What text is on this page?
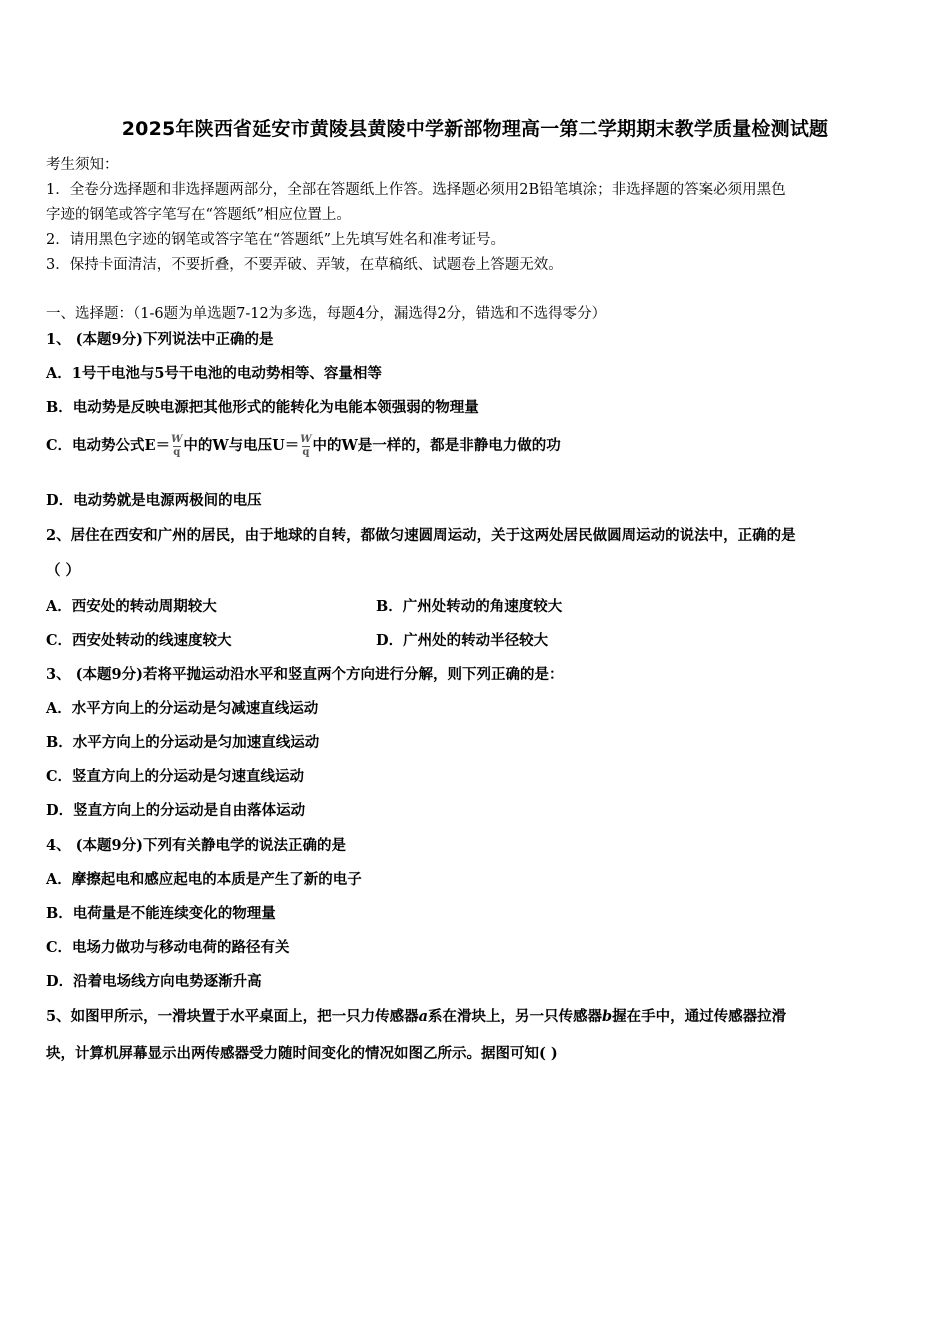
2025年陕西省延安市黄陵县黄陵中学新部物理高一第二学期期末教学质量检测试题
考生须知：
1．全卷分选择题和非选择题两部分，全部在答题纸上作答。选择题必须用2B铅笔填涂；非选择题的答案必须用黑色
字迹的钢笔或答字笔写在“答题纸”相应位置上。
2．请用黑色字迹的钢笔或答字笔在“答题纸”上先填写姓名和准考证号。
3．保持卡面清洁，不要折叠，不要弄破、弄皱，在草稿纸、试题卷上答题无效。
一、选择题：（1-6题为单选题7-12为多选，每题4分，漏选得2分，错选和不选得零分）
1、 (本题9分)下列说法中正确的是
A．1号干电池与5号干电池的电动势相等、容量相等
B．电动势是反映电源把其他形式的能转化为电能本领强弱的物理量
C．电动势公式$E= \frac{W}{q}$ 中的W与电压$U= \frac{W}{q}$ 中的W是一样的，都是非静电力做的功
D．电动势就是电源两极间的电压
2、居住在西安和广州的居民，由于地球的自转，都做匀速圆周运动，关于这两处居民做圆周运动的说法中，正确的是
（ ）
A．西安处的转动周期较大	B．广州处转动的角速度较大
C．西安处转动的线速度较大	D．广州处的转动半径较大
3、 (本题9分)若将平抛运动沿水平和竖直两个方向进行分解，则下列正确的是：
A．水平方向上的分运动是匀减速直线运动
B．水平方向上的分运动是匀加速直线运动
C．竖直方向上的分运动是匀速直线运动
D．竖直方向上的分运动是自由落体运动
4、 (本题9分)下列有关静电学的说法正确的是
A．摩擦起电和感应起电的本质是产生了新的电子
B．电荷量是不能连续变化的物理量
C．电场力做功与移动电荷的路径有关
D．沿着电场线方向电势逐渐升高
5、如图甲所示，一滑块置于水平桌面上，把一只力传感器a系在滑块上，另一只传感器b握在手中，通过传感器拉滑
块，计算机屏幕显示出两传感器受力随时间变化的情况如图乙所示。据图可知( )
